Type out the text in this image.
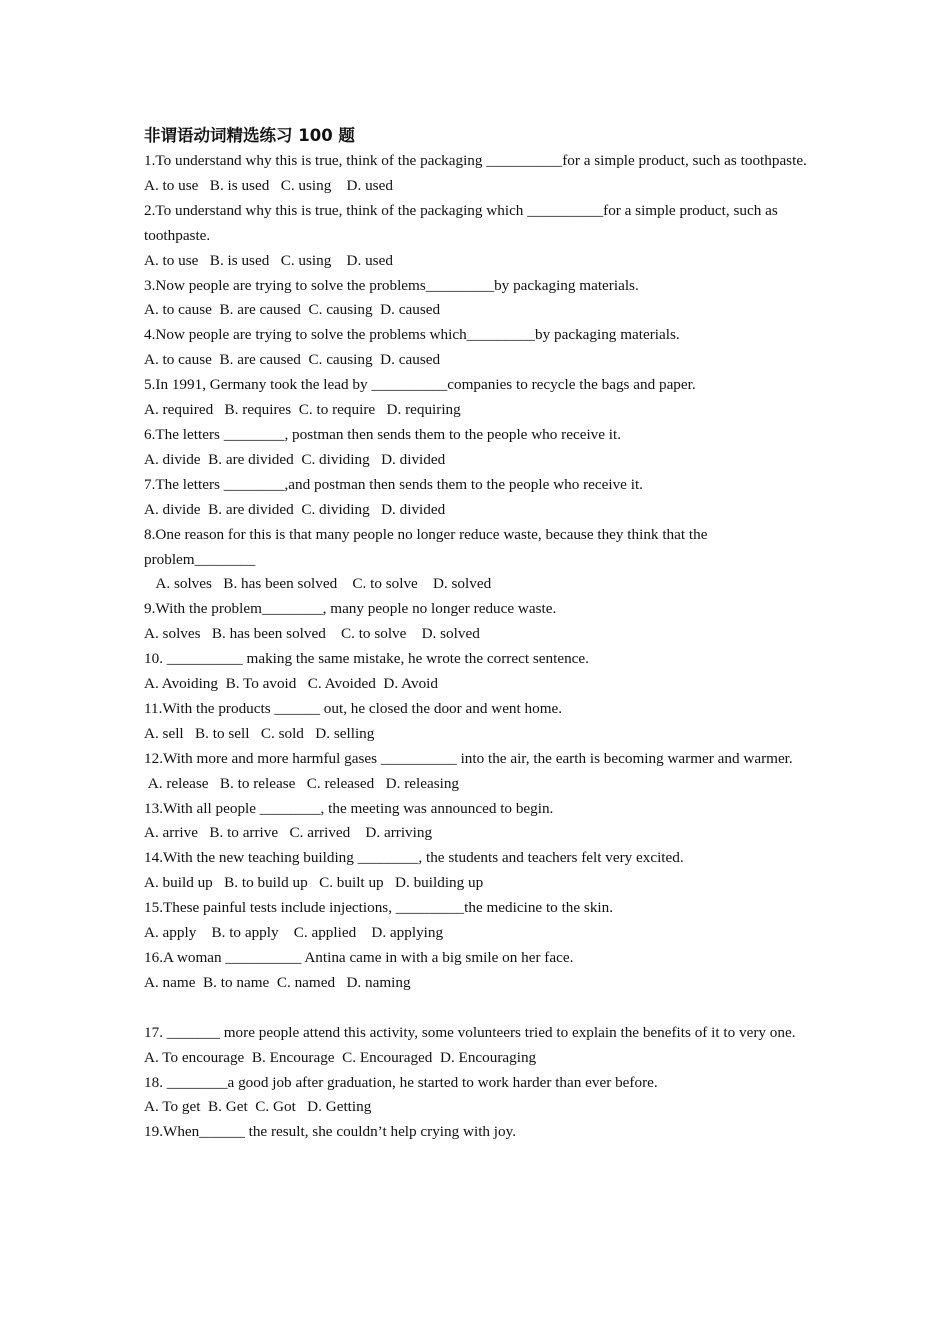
非谓语动词精选练习 100 题

1.To understand why this is true, think of the packaging __________for a simple product, such as toothpaste.

A. to use   B. is used   C. using    D. used

2.To understand why this is true, think of the packaging which __________for a simple product, such as toothpaste.

A. to use   B. is used   C. using    D. used

3.Now people are trying to solve the problems_________by packaging materials.

A. to cause  B. are caused  C. causing  D. caused

4.Now people are trying to solve the problems which_________by packaging materials.

A. to cause  B. are caused  C. causing  D. caused

5.In 1991, Germany took the lead by __________companies to recycle the bags and paper.

A. required   B. requires  C. to require   D. requiring

6.The letters ________, postman then sends them to the people who receive it.

A. divide  B. are divided  C. dividing   D. divided

7.The letters ________,and postman then sends them to the people who receive it.

A. divide  B. are divided  C. dividing   D. divided

8.One reason for this is that many people no longer reduce waste, because they think that the problem________

A. solves   B. has been solved    C. to solve    D. solved

9.With the problem________, many people no longer reduce waste.

A. solves   B. has been solved    C. to solve    D. solved

10. __________ making the same mistake, he wrote the correct sentence.

A. Avoiding  B. To avoid   C. Avoided  D. Avoid

11.With the products ______ out, he closed the door and went home.

A. sell   B. to sell   C. sold   D. selling

12.With more and more harmful gases __________ into the air, the earth is becoming warmer and warmer.

A. release   B. to release   C. released   D. releasing

13.With all people ________, the meeting was announced to begin.

A. arrive   B. to arrive   C. arrived    D. arriving

14.With the new teaching building ________, the students and teachers felt very excited.

A. build up   B. to build up   C. built up   D. building up

15.These painful tests include injections, _________the medicine to the skin.

A. apply    B. to apply    C. applied    D. applying

16.A woman __________ Antina came in with a big smile on her face.

A. name  B. to name  C. named   D. naming

17. _______ more people attend this activity, some volunteers tried to explain the benefits of it to very one.

A. To encourage  B. Encourage  C. Encouraged  D. Encouraging

18. ________a good job after graduation, he started to work harder than ever before.

A. To get  B. Get  C. Got   D. Getting

19.When______ the result, she couldn’t help crying with joy.
